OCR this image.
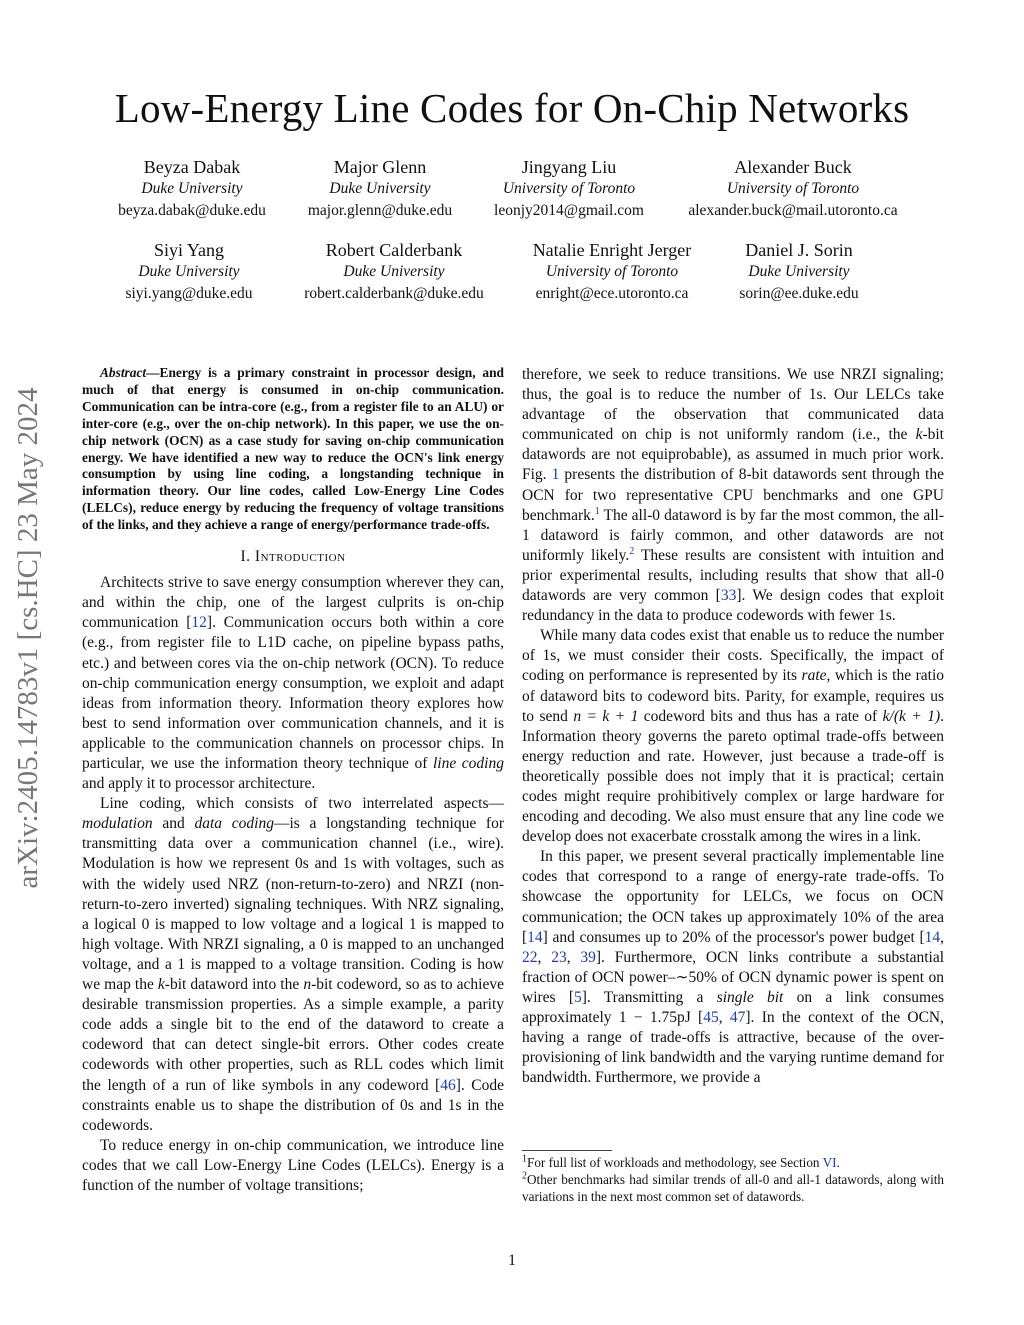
Low-Energy Line Codes for On-Chip Networks
Beyza Dabak
Duke University
beyza.dabak@duke.edu
Major Glenn
Duke University
major.glenn@duke.edu
Jingyang Liu
University of Toronto
leonjy2014@gmail.com
Alexander Buck
University of Toronto
alexander.buck@mail.utoronto.ca
Siyi Yang
Duke University
siyi.yang@duke.edu
Robert Calderbank
Duke University
robert.calderbank@duke.edu
Natalie Enright Jerger
University of Toronto
enright@ece.utoronto.ca
Daniel J. Sorin
Duke University
sorin@ee.duke.edu
arXiv:2405.14783v1 [cs.HC] 23 May 2024

Abstract—Energy is a primary constraint in processor design, and much of that energy is consumed in on-chip communication. Communication can be intra-core (e.g., from a register file to an ALU) or inter-core (e.g., over the on-chip network). In this paper, we use the on-chip network (OCN) as a case study for saving on-chip communication energy. We have identified a new way to reduce the OCN's link energy consumption by using line coding, a longstanding technique in information theory. Our line codes, called Low-Energy Line Codes (LELCs), reduce energy by reducing the frequency of voltage transitions of the links, and they achieve a range of energy/performance trade-offs.

I. Introduction

Architects strive to save energy consumption wherever they can, and within the chip, one of the largest culprits is on-chip communication [12]. Communication occurs both within a core (e.g., from register file to L1D cache, on pipeline bypass paths, etc.) and between cores via the on-chip network (OCN). To reduce on-chip communication energy consumption, we exploit and adapt ideas from information theory. Information theory explores how best to send information over communication channels, and it is applicable to the communication channels on processor chips. In particular, we use the information theory technique of line coding and apply it to processor architecture.

Line coding, which consists of two interrelated aspects—modulation and data coding—is a longstanding technique for transmitting data over a communication channel (i.e., wire). Modulation is how we represent 0s and 1s with voltages, such as with the widely used NRZ (non-return-to-zero) and NRZI (non-return-to-zero inverted) signaling techniques. With NRZ signaling, a logical 0 is mapped to low voltage and a logical 1 is mapped to high voltage. With NRZI signaling, a 0 is mapped to an unchanged voltage, and a 1 is mapped to a voltage transition. Coding is how we map the k-bit dataword into the n-bit codeword, so as to achieve desirable transmission properties. As a simple example, a parity code adds a single bit to the end of the dataword to create a codeword that can detect single-bit errors. Other codes create codewords with other properties, such as RLL codes which limit the length of a run of like symbols in any codeword [46]. Code constraints enable us to shape the distribution of 0s and 1s in the codewords.

To reduce energy in on-chip communication, we introduce line codes that we call Low-Energy Line Codes (LELCs). Energy is a function of the number of voltage transitions;

therefore, we seek to reduce transitions. We use NRZI signaling; thus, the goal is to reduce the number of 1s. Our LELCs take advantage of the observation that communicated data communicated on chip is not uniformly random (i.e., the k-bit datawords are not equiprobable), as assumed in much prior work. Fig. 1 presents the distribution of 8-bit datawords sent through the OCN for two representative CPU benchmarks and one GPU benchmark.$^1$ The all-0 dataword is by far the most common, the all-1 dataword is fairly common, and other datawords are not uniformly likely.$^2$ These results are consistent with intuition and prior experimental results, including results that show that all-0 datawords are very common [33]. We design codes that exploit redundancy in the data to produce codewords with fewer 1s.

While many data codes exist that enable us to reduce the number of 1s, we must consider their costs. Specifically, the impact of coding on performance is represented by its rate, which is the ratio of dataword bits to codeword bits. Parity, for example, requires us to send n = k + 1 codeword bits and thus has a rate of k/(k + 1). Information theory governs the pareto optimal trade-offs between energy reduction and rate. However, just because a trade-off is theoretically possible does not imply that it is practical; certain codes might require prohibitively complex or large hardware for encoding and decoding. We also must ensure that any line code we develop does not exacerbate crosstalk among the wires in a link.

In this paper, we present several practically implementable line codes that correspond to a range of energy-rate trade-offs. To showcase the opportunity for LELCs, we focus on OCN communication; the OCN takes up approximately 10% of the area [14] and consumes up to 20% of the processor's power budget [14, 22, 23, 39]. Furthermore, OCN links contribute a substantial fraction of OCN power–∼50% of OCN dynamic power is spent on wires [5]. Transmitting a single bit on a link consumes approximately 1 − 1.75pJ [45, 47]. In the context of the OCN, having a range of trade-offs is attractive, because of the over-provisioning of link bandwidth and the varying runtime demand for bandwidth. Furthermore, we provide a

$^1$For full list of workloads and methodology, see Section VI.
$^2$Other benchmarks had similar trends of all-0 and all-1 datawords, along with variations in the next most common set of datawords.
1
